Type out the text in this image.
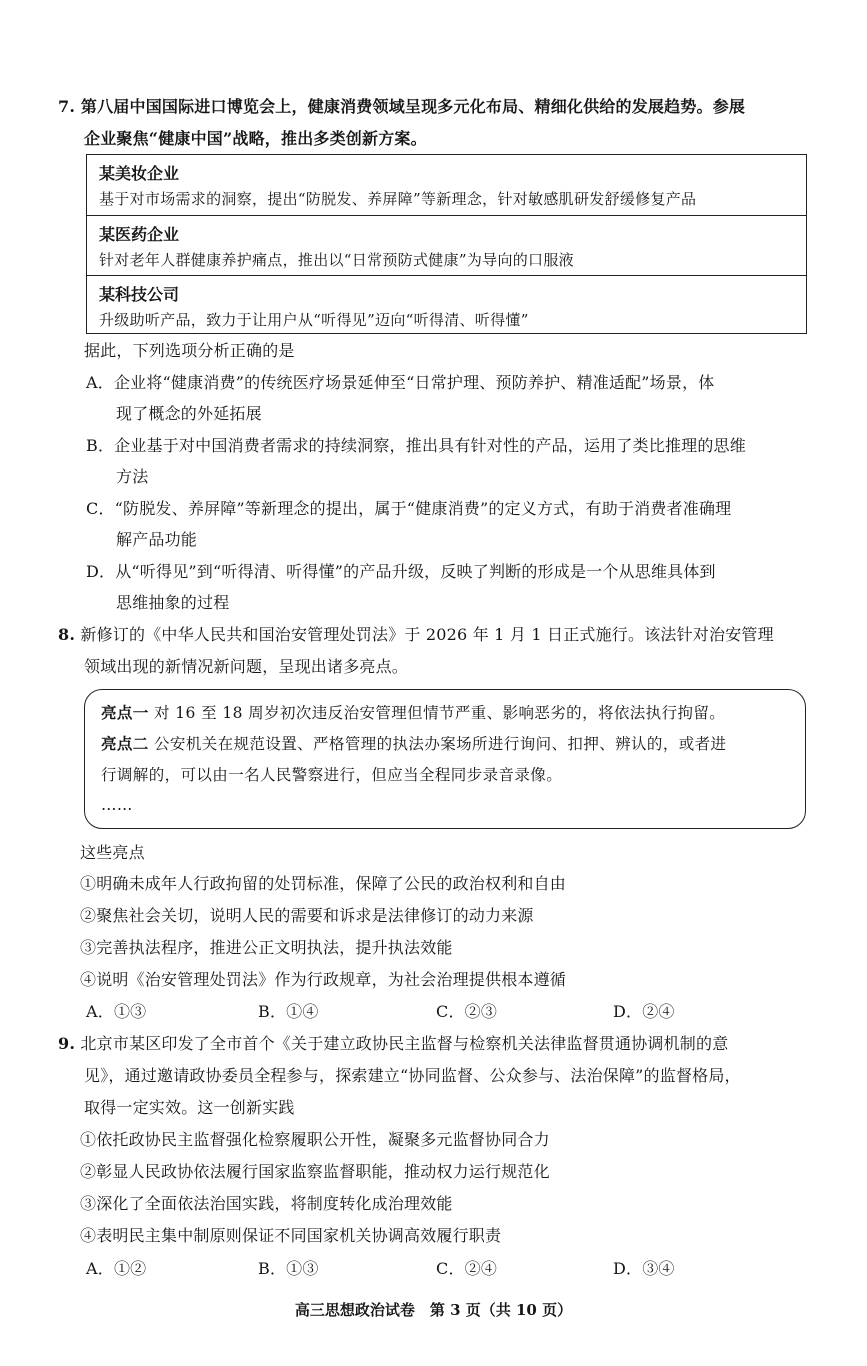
7. 第八届中国国际进口博览会上，健康消费领域呈现多元化布局、精细化供给的发展趋势。参展
企业聚焦“健康中国”战略，推出多类创新方案。
某美妆企业
基于对市场需求的洞察，提出“防脱发、养屏障”等新理念，针对敏感肌研发舒缓修复产品
某医药企业
针对老年人群健康养护痛点，推出以“日常预防式健康”为导向的口服液
某科技公司
升级助听产品，致力于让用户从“听得见”迈向“听得清、听得懂”
据此，下列选项分析正确的是
A．企业将“健康消费”的传统医疗场景延伸至“日常护理、预防养护、精准适配”场景，体
现了概念的外延拓展
B．企业基于对中国消费者需求的持续洞察，推出具有针对性的产品，运用了类比推理的思维
方法
C．“防脱发、养屏障”等新理念的提出，属于“健康消费”的定义方式，有助于消费者准确理
解产品功能
D．从“听得见”到“听得清、听得懂”的产品升级，反映了判断的形成是一个从思维具体到
思维抽象的过程
8. 新修订的《中华人民共和国治安管理处罚法》于 2026 年 1 月 1 日正式施行。该法针对治安管理
领域出现的新情况新问题，呈现出诸多亮点。
亮点一 对 16 至 18 周岁初次违反治安管理但情节严重、影响恶劣的，将依法执行拘留。
亮点二 公安机关在规范设置、严格管理的执法办案场所进行询问、扣押、辨认的，或者进
行调解的，可以由一名人民警察进行，但应当全程同步录音录像。
……
这些亮点
①明确未成年人行政拘留的处罚标准，保障了公民的政治权利和自由
②聚焦社会关切，说明人民的需要和诉求是法律修订的动力来源
③完善执法程序，推进公正文明执法，提升执法效能
④说明《治安管理处罚法》作为行政规章，为社会治理提供根本遵循
A．①③	B．①④	C．②③	D．②④
9. 北京市某区印发了全市首个《关于建立政协民主监督与检察机关法律监督贯通协调机制的意
见》，通过邀请政协委员全程参与，探索建立“协同监督、公众参与、法治保障”的监督格局，
取得一定实效。这一创新实践
①依托政协民主监督强化检察履职公开性，凝聚多元监督协同合力
②彰显人民政协依法履行国家监察监督职能，推动权力运行规范化
③深化了全面依法治国实践，将制度转化成治理效能
④表明民主集中制原则保证不同国家机关协调高效履行职责
A．①②	B．①③	C．②④	D．③④
高三思想政治试卷　第 3 页（共 10 页）
